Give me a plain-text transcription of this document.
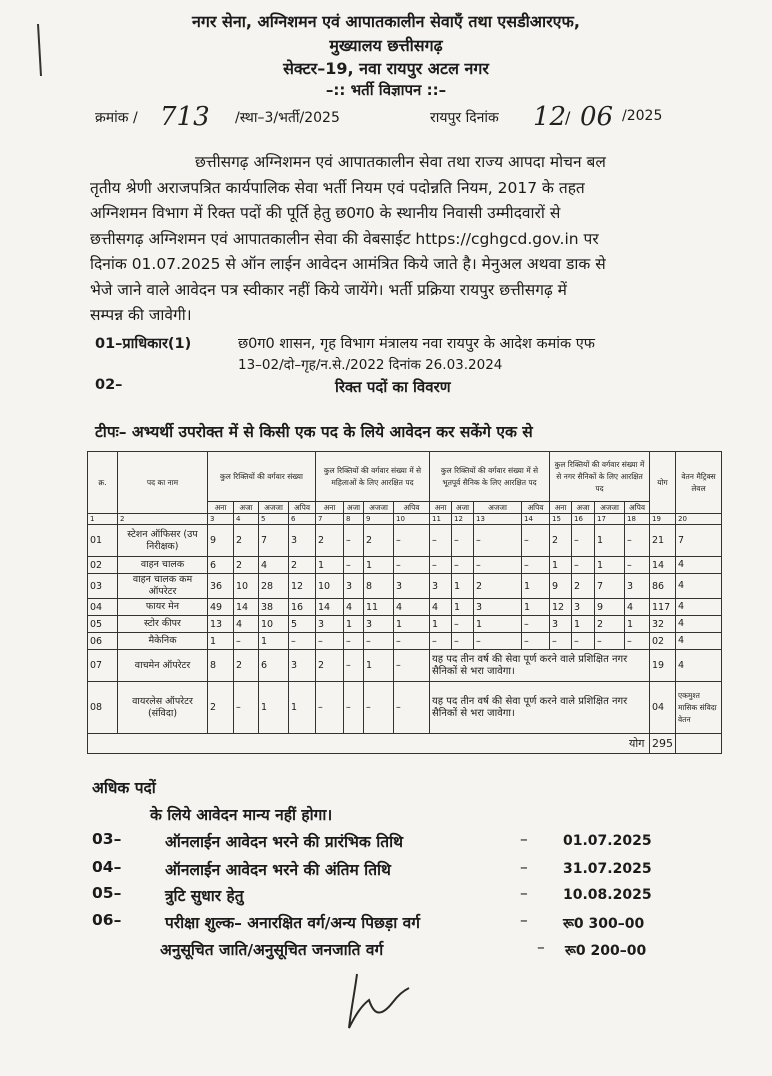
नगर सेना, अग्निशमन एवं आपातकालीन सेवाएँ तथा एसडीआरएफ,
मुख्यालय छत्तीसगढ़
सेक्टर–19, नवा रायपुर अटल नगर
–:: भर्ती विज्ञापन ::–
क्रमांक / 713 /स्था–3/भर्ती/2025	रायपुर दिनांक 12
/ 06 /2025
छत्तीसगढ़ अग्निशमन एवं आपातकालीन सेवा तथा राज्य आपदा मोचन बल
तृतीय श्रेणी अराजपत्रित कार्यपालिक सेवा भर्ती नियम एवं पदोन्नति नियम, 2017 के तहत
अग्निशमन विभाग में रिक्त पदों की पूर्ति हेतु छ0ग0 के स्थानीय निवासी उम्मीदवारों से
छत्तीसगढ़ अग्निशमन एवं आपातकालीन सेवा की वेबसाईट https://cghgcd.gov.in पर
दिनांक 01.07.2025 से ऑन लाईन आवेदन आमंत्रित किये जाते है। मेनुअल अथवा डाक से
भेजे जाने वाले आवेदन पत्र स्वीकार नहीं किये जायेंगे। भर्ती प्रक्रिया रायपुर छत्तीसगढ़ में
सम्पन्न की जावेगी।
01–प्राधिकार(1)	छ0ग0 शासन, गृह विभाग मंत्रालय नवा रायपुर के आदेश कमांक एफ
13–02/दो–गृह/न.से./2022 दिनांक 26.03.2024
02–	रिक्त पदों का विवरण
टीपः– अभ्यर्थी उपरोक्त में से किसी एक पद के लिये आवेदन कर सकेंगे एक से
क्र.	पद का नाम	कुल रिक्तियों की वर्गवार संख्या				कुल रिक्तियों की वर्गवार संख्या में से महिलाओं के लिए आरक्षित पद				कुल रिक्तियों की वर्गवार संख्या में से भूतपूर्व सैनिक के लिए आरक्षित पद				कुल रिक्तियों की वर्गवार संख्या में से नगर सैनिकों के लिए आरक्षित पद				योग	वेतन मैट्रिक्स लेवल
		अना	अजा	अजजा	अपिव	अना	अजा	अजजा	अपिव	अना	अजा	अजजा	अपिव	अना	अजा	अजजा	अपिव		
1	2	3	4	5	6	7	8	9	10	11	12	13	14	15	16	17	18	19	20
01	स्टेशन ऑफिसर (उप निरीक्षक)	9	2	7	3	2	–	2	–	–	–	–	–	2	–	1	–	21	7
02	वाहन चालक	6	2	4	2	1	–	1	–	–	–	–	–	1	–	1	–	14	4
03	वाहन चालक कम ऑपरेटर	36	10	28	12	10	3	8	3	3	1	2	1	9	2	7	3	86	4
04	फायर मेन	49	14	38	16	14	4	11	4	4	1	3	1	12	3	9	4	117	4
05	स्टोर कीपर	13	4	10	5	3	1	3	1	1	–	1	–	3	1	2	1	32	4
06	मैकेनिक	1	–	1	–	–	–	–	–	–	–	–	–	–	–	–	–	02	4
07	वाचमेन ऑपरेटर	8	2	6	3	2	–	1	–	यह पद तीन वर्ष की सेवा पूर्ण करने वाले प्रशिक्षित नगर सैनिकों से भरा जावेगा।								19	4
08	वायरलेस ऑपरेटर (संविदा)	2	–	1	1	–	–	–	–	यह पद तीन वर्ष की सेवा पूर्ण करने वाले प्रशिक्षित नगर सैनिकों से भरा जावेगा।								04	एकमुश्त मासिक संविदा वेतन
																	योग	295	
अधिक पदों
के लिये आवेदन मान्य नहीं होगा।
03–	ऑनलाईन आवेदन भरने की प्रारंभिक तिथि	–	01.07.2025
04–	ऑनलाईन आवेदन भरने की अंतिम तिथि	–	31.07.2025
05–	त्रुटि सुधार हेतु	–	10.08.2025
06–	परीक्षा शुल्क– अनारक्षित वर्ग/अन्य पिछड़ा वर्ग	–	रू0 300–00
अनुसूचित जाति/अनुसूचित जनजाति वर्ग	– रू0 200–00
